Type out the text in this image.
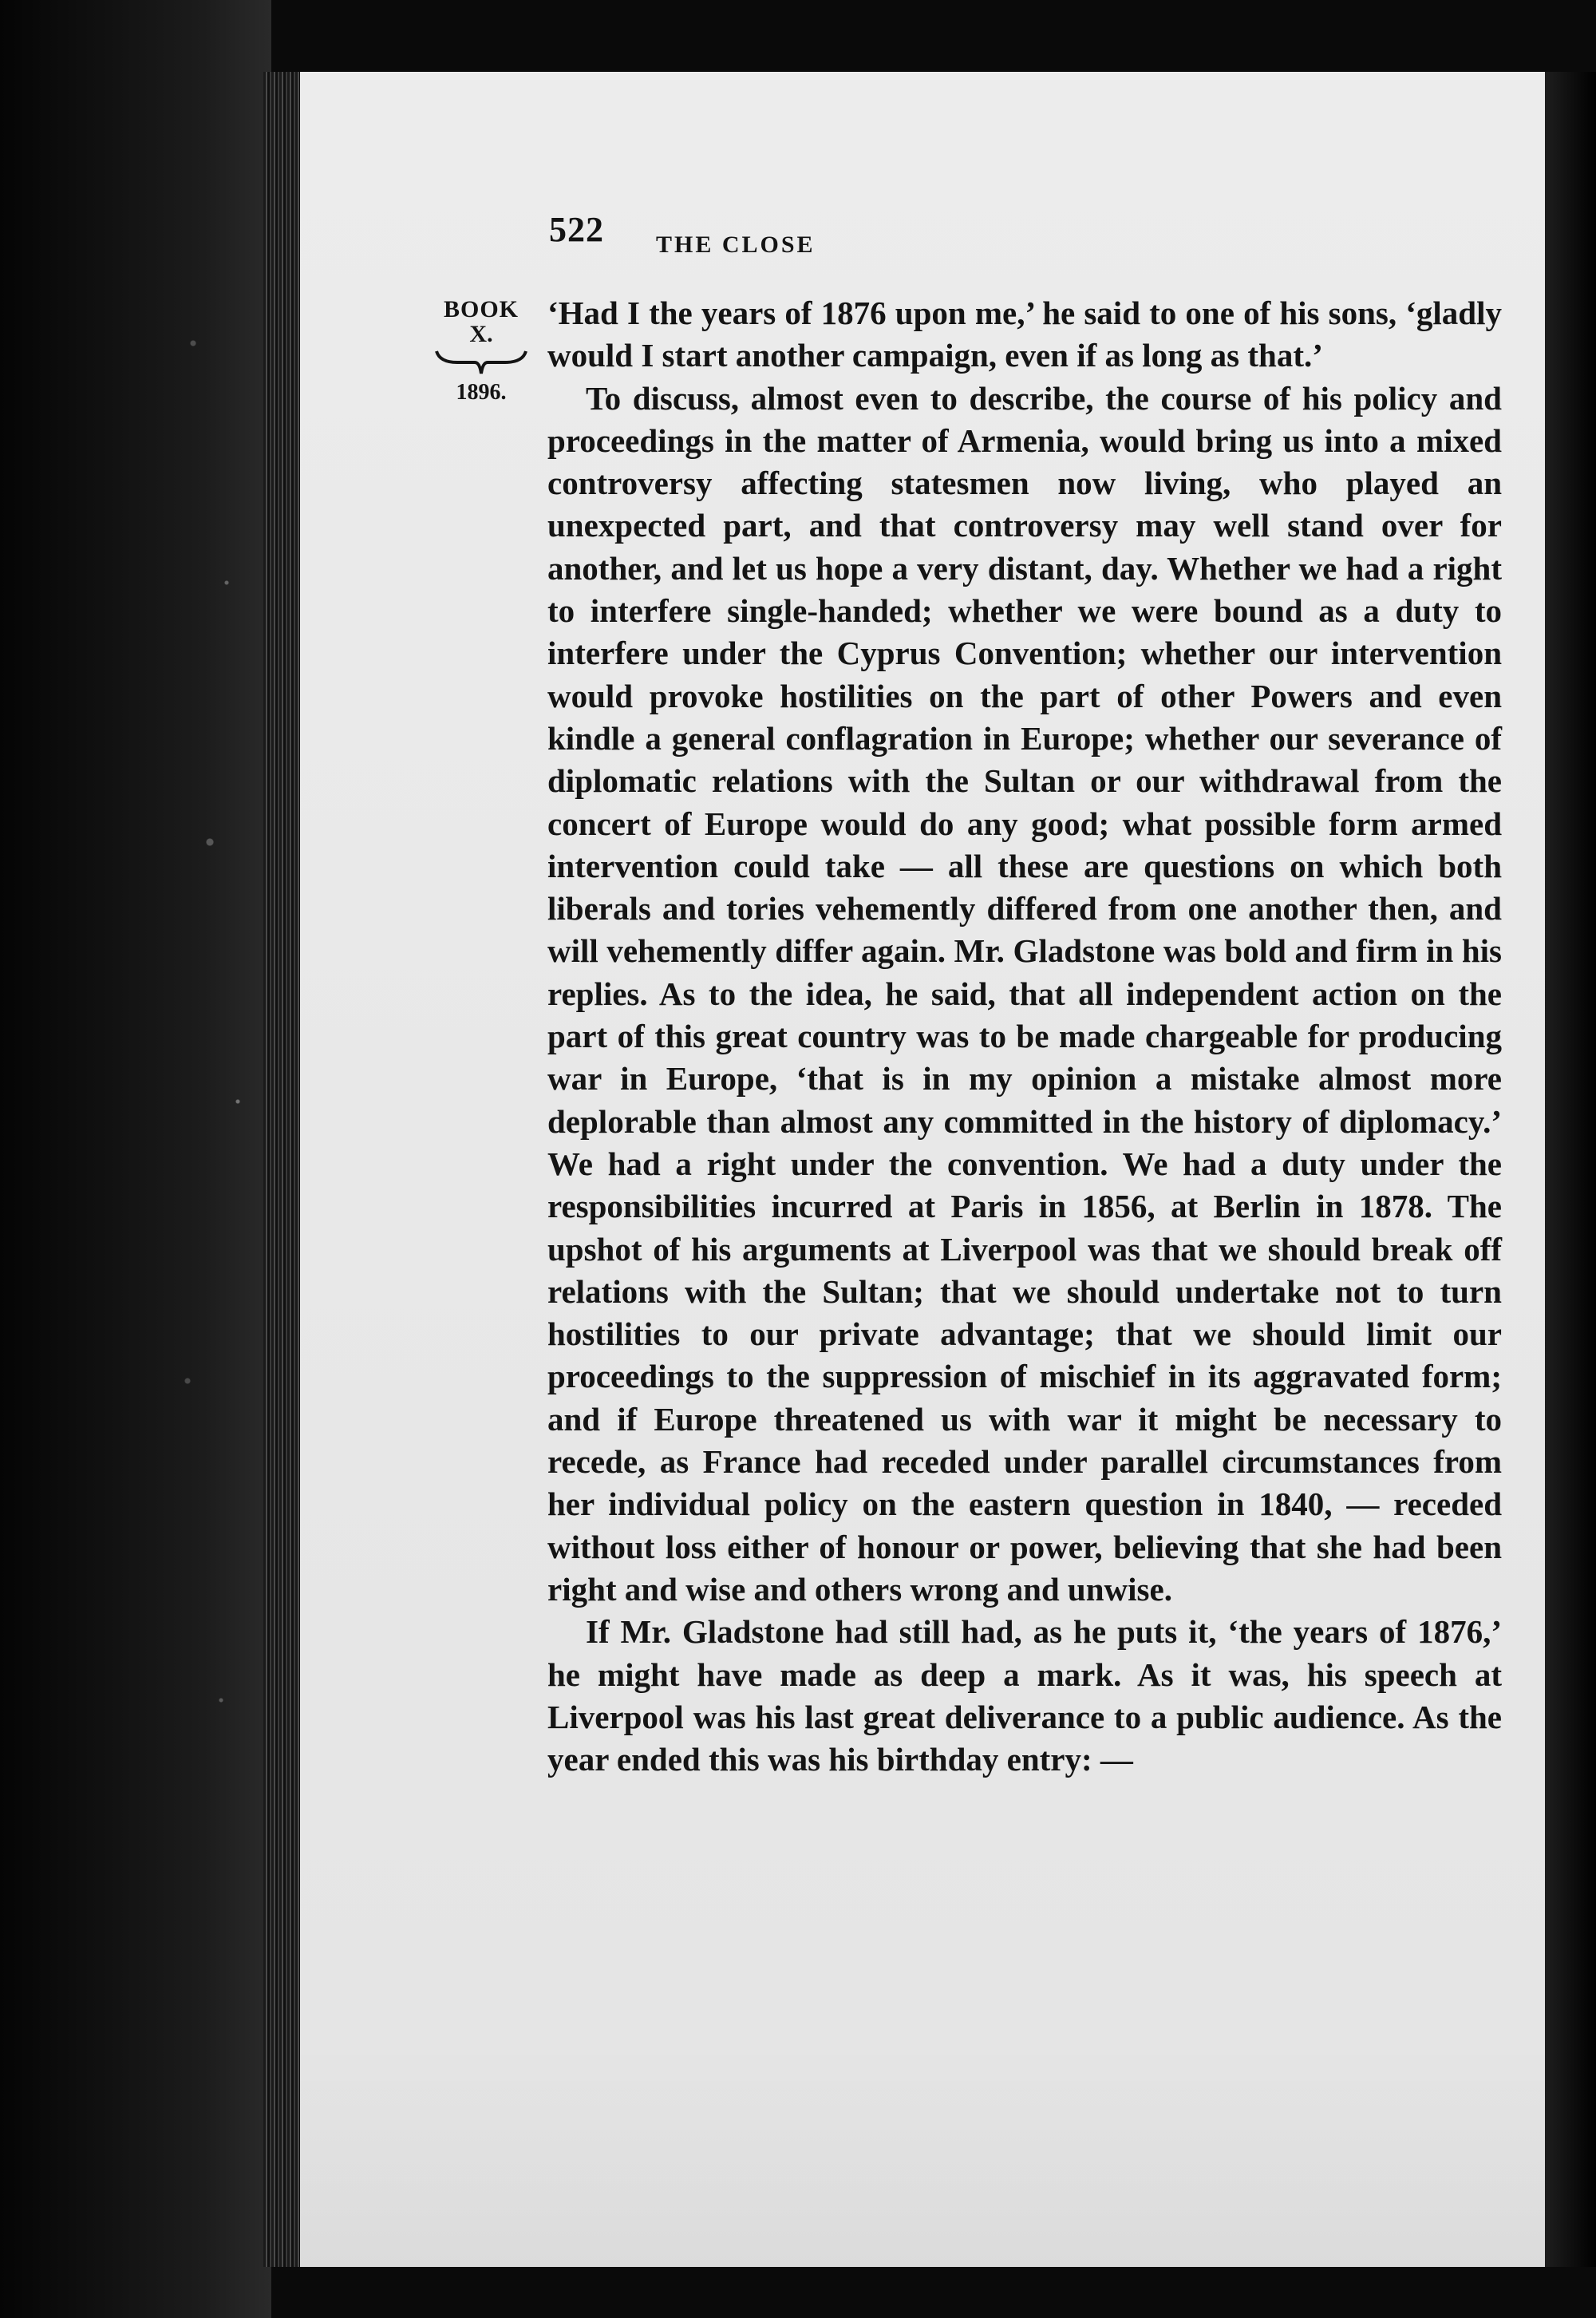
522 THE CLOSE
BOOK
X.
1896.

‘Had I the years of 1876 upon me,’ he said to one of his sons, ‘gladly would I start another campaign, even if as long as that.’

To discuss, almost even to describe, the course of his policy and proceedings in the matter of Armenia, would bring us into a mixed controversy affecting statesmen now living, who played an unexpected part, and that controversy may well stand over for another, and let us hope a very distant, day. Whether we had a right to interfere single-handed; whether we were bound as a duty to interfere under the Cyprus Convention; whether our intervention would provoke hostilities on the part of other Powers and even kindle a general conflagration in Europe; whether our severance of diplomatic relations with the Sultan or our withdrawal from the concert of Europe would do any good; what possible form armed intervention could take — all these are questions on which both liberals and tories vehemently differed from one another then, and will vehemently differ again. Mr. Gladstone was bold and firm in his replies. As to the idea, he said, that all independent action on the part of this great country was to be made chargeable for producing war in Europe, ‘that is in my opinion a mistake almost more deplorable than almost any committed in the history of diplomacy.’ We had a right under the convention. We had a duty under the responsibilities incurred at Paris in 1856, at Berlin in 1878. The upshot of his arguments at Liverpool was that we should break off relations with the Sultan; that we should undertake not to turn hostilities to our private advantage; that we should limit our proceedings to the suppression of mischief in its aggravated form; and if Europe threatened us with war it might be necessary to recede, as France had receded under parallel circumstances from her individual policy on the eastern question in 1840, — receded without loss either of honour or power, believing that she had been right and wise and others wrong and unwise.

If Mr. Gladstone had still had, as he puts it, ‘the years of 1876,’ he might have made as deep a mark. As it was, his speech at Liverpool was his last great deliverance to a public audience. As the year ended this was his birthday entry: —
